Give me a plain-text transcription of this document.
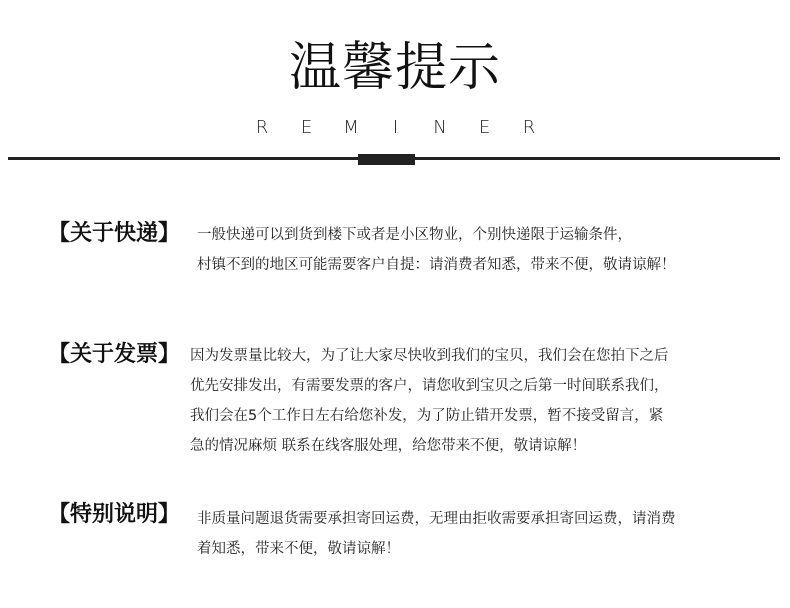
温馨提示
R E M	I	N E R
【关于快递】 一般快递可以到货到楼下或者是小区物业，个别快递限于运输条件，
村镇不到的地区可能需要客户自提：请消费者知悉，带来不便，敬请谅解！
【关于发票】 因为发票量比较大，为了让大家尽快收到我们的宝贝，我们会在您拍下之后
优先安排发出，有需要发票的客户，请您收到宝贝之后第一时间联系我们，
我们会在5个工作日左右给您补发，为了防止错开发票，暂不接受留言，紧
急的情况麻烦 联系在线客服处理，给您带来不便，敬请谅解！
【特别说明】 非质量问题退货需要承担寄回运费，无理由拒收需要承担寄回运费，请消费
着知悉，带来不便，敬请谅解！
